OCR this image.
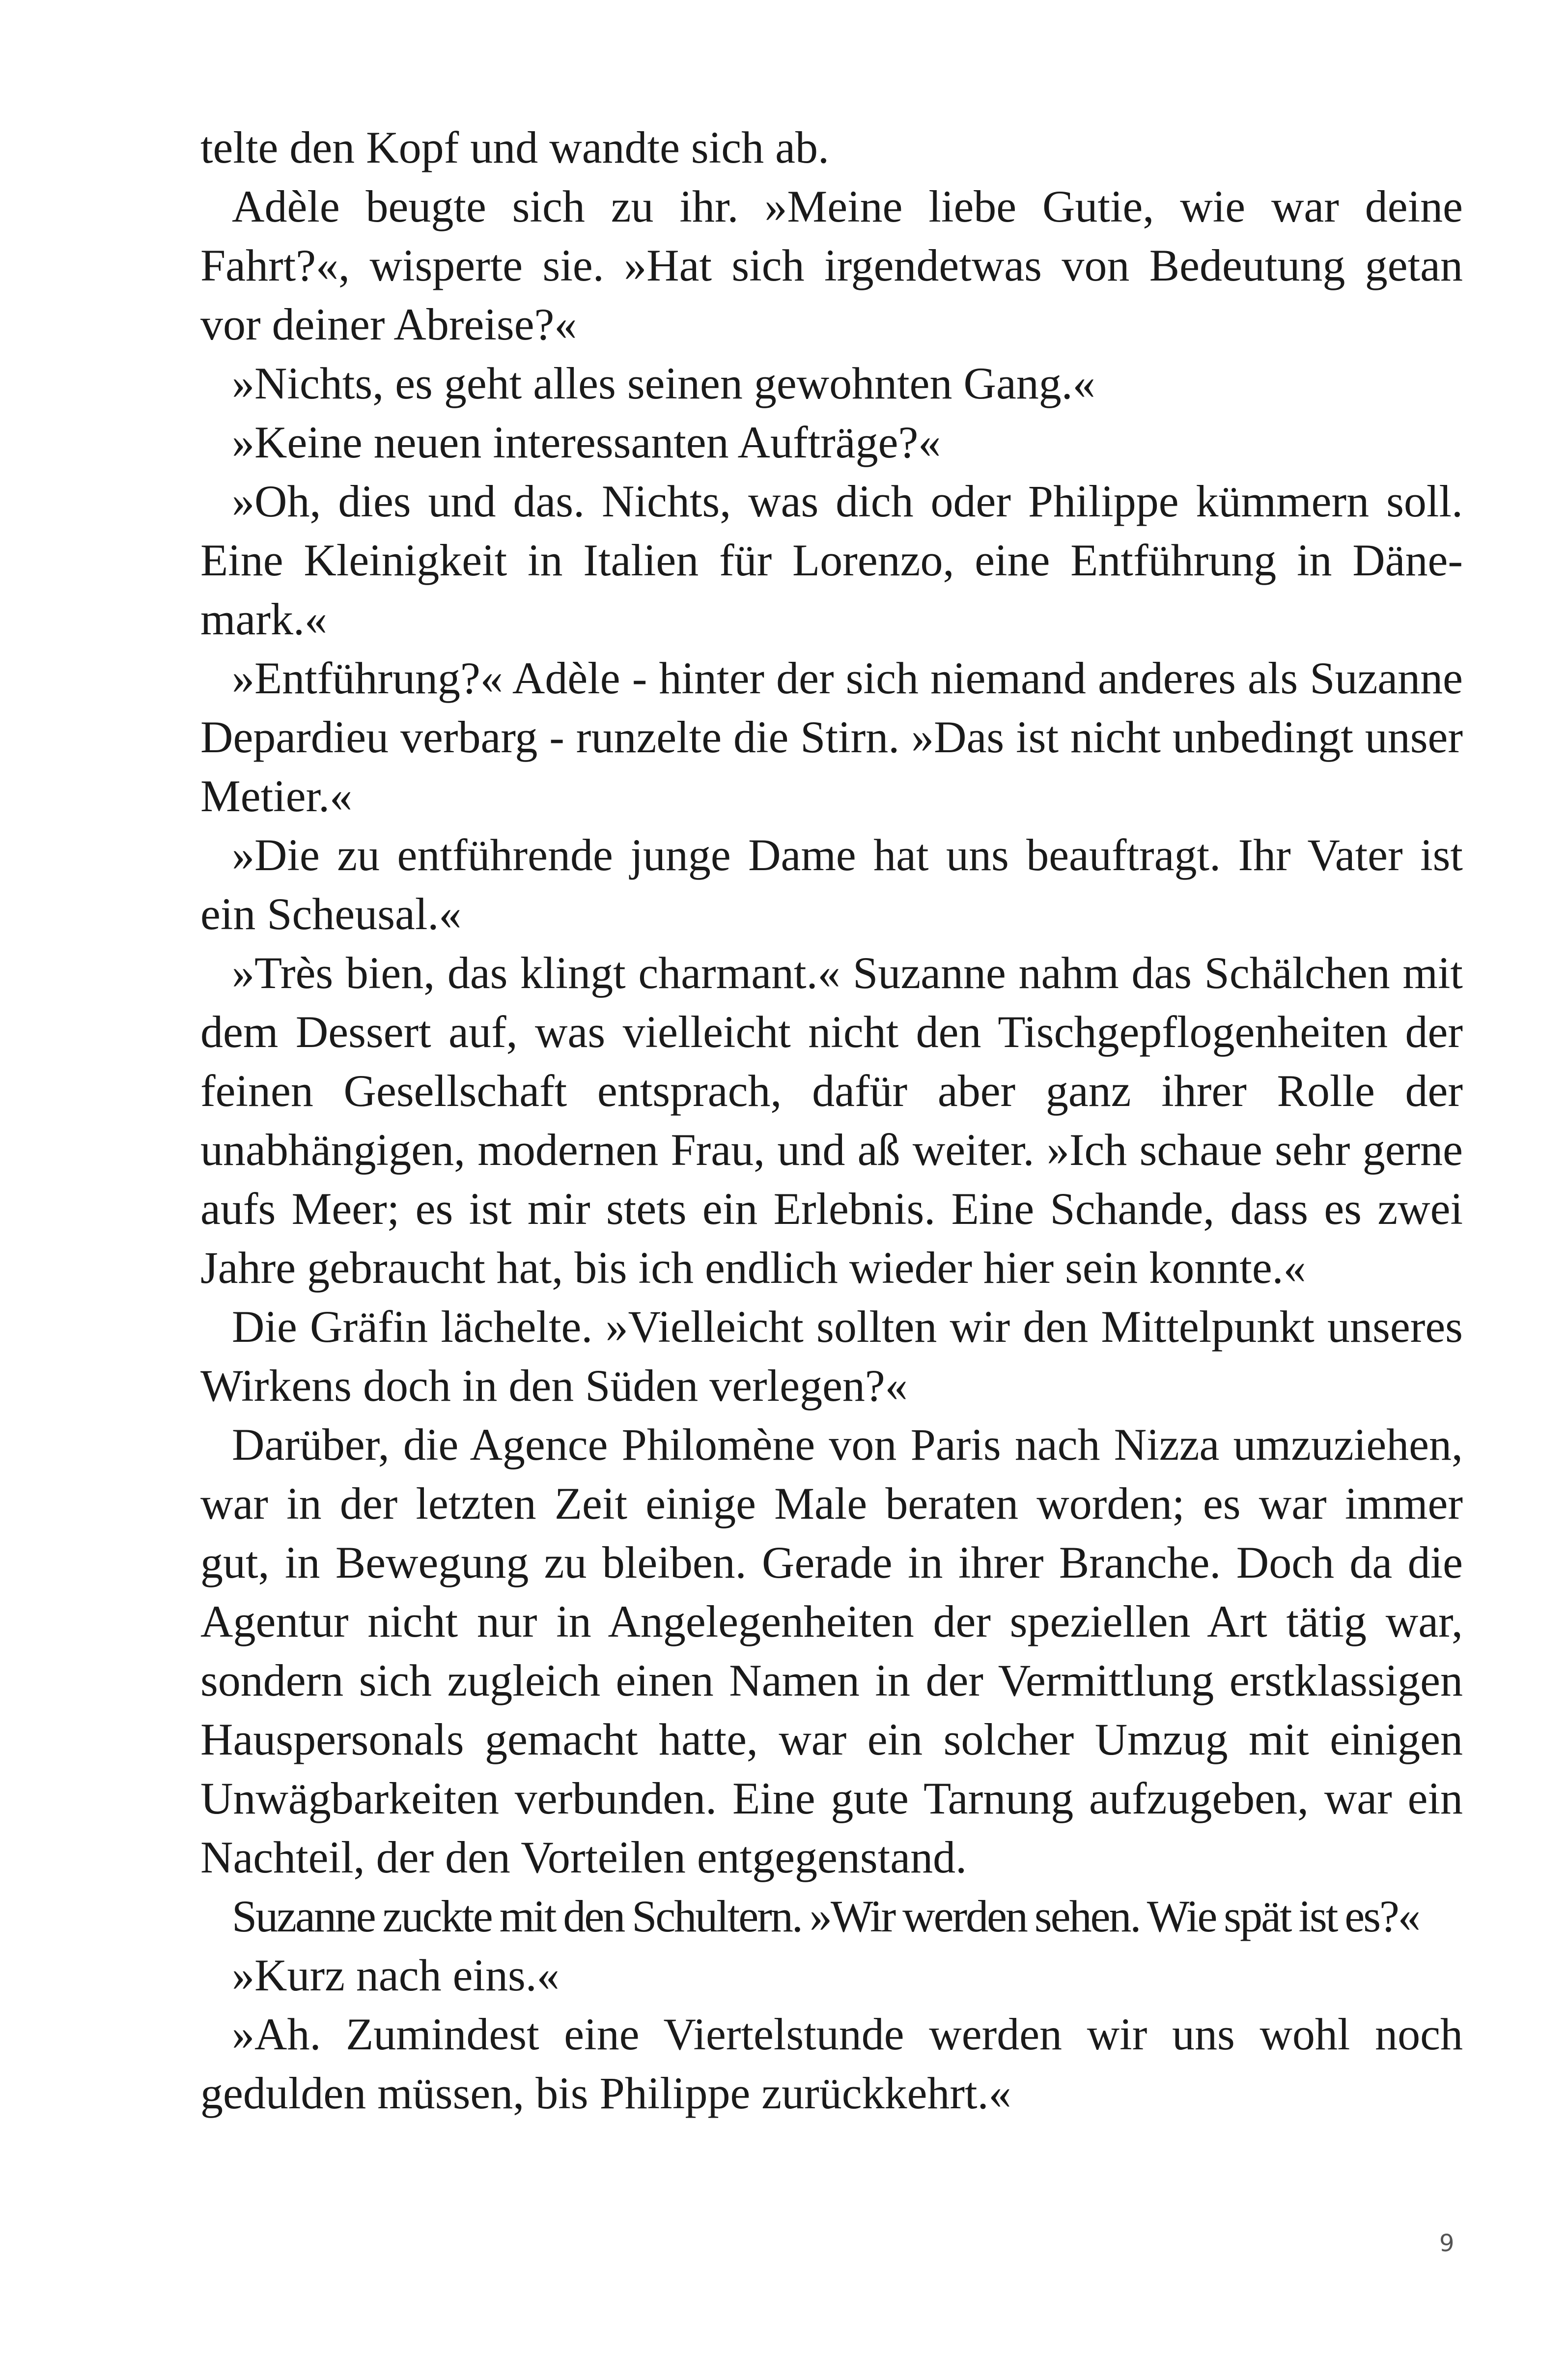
telte den Kopf und wandte sich ab.

Adèle beugte sich zu ihr. »Meine liebe Gutie, wie war deine Fahrt?«, wisperte sie. »Hat sich irgendetwas von Bedeutung getan vor deiner Abreise?«

»Nichts, es geht alles seinen gewohnten Gang.«

»Keine neuen interessanten Aufträge?«

»Oh, dies und das. Nichts, was dich oder Philippe kümmern soll. Eine Kleinigkeit in Italien für Lorenzo, eine Entführung in Dänemark.«

»Entführung?« Adèle - hinter der sich niemand anderes als Suzanne Depardieu verbarg - runzelte die Stirn. »Das ist nicht unbedingt unser Metier.«

»Die zu entführende junge Dame hat uns beauftragt. Ihr Vater ist ein Scheusal.«

»Très bien, das klingt charmant.« Suzanne nahm das Schälchen mit dem Dessert auf, was vielleicht nicht den Tischgepflogenheiten der feinen Gesellschaft entsprach, dafür aber ganz ihrer Rolle der unabhängigen, modernen Frau, und aß weiter. »Ich schaue sehr gerne aufs Meer; es ist mir stets ein Erlebnis. Eine Schande, dass es zwei Jahre gebraucht hat, bis ich endlich wieder hier sein konnte.«

Die Gräfin lächelte. »Vielleicht sollten wir den Mittelpunkt unseres Wirkens doch in den Süden verlegen?«

Darüber, die Agence Philomène von Paris nach Nizza umzuziehen, war in der letzten Zeit einige Male beraten worden; es war immer gut, in Bewegung zu bleiben. Gerade in ihrer Branche. Doch da die Agentur nicht nur in Angelegenheiten der speziellen Art tätig war, sondern sich zugleich einen Namen in der Vermittlung erstklassigen Hauspersonals gemacht hatte, war ein solcher Umzug mit einigen Unwägbarkeiten verbunden. Eine gute Tarnung aufzugeben, war ein Nachteil, der den Vorteilen entgegenstand.

Suzanne zuckte mit den Schultern. »Wir werden sehen. Wie spät ist es?«

»Kurz nach eins.«

»Ah. Zumindest eine Viertelstunde werden wir uns wohl noch gedulden müssen, bis Philippe zurückkehrt.«

9
